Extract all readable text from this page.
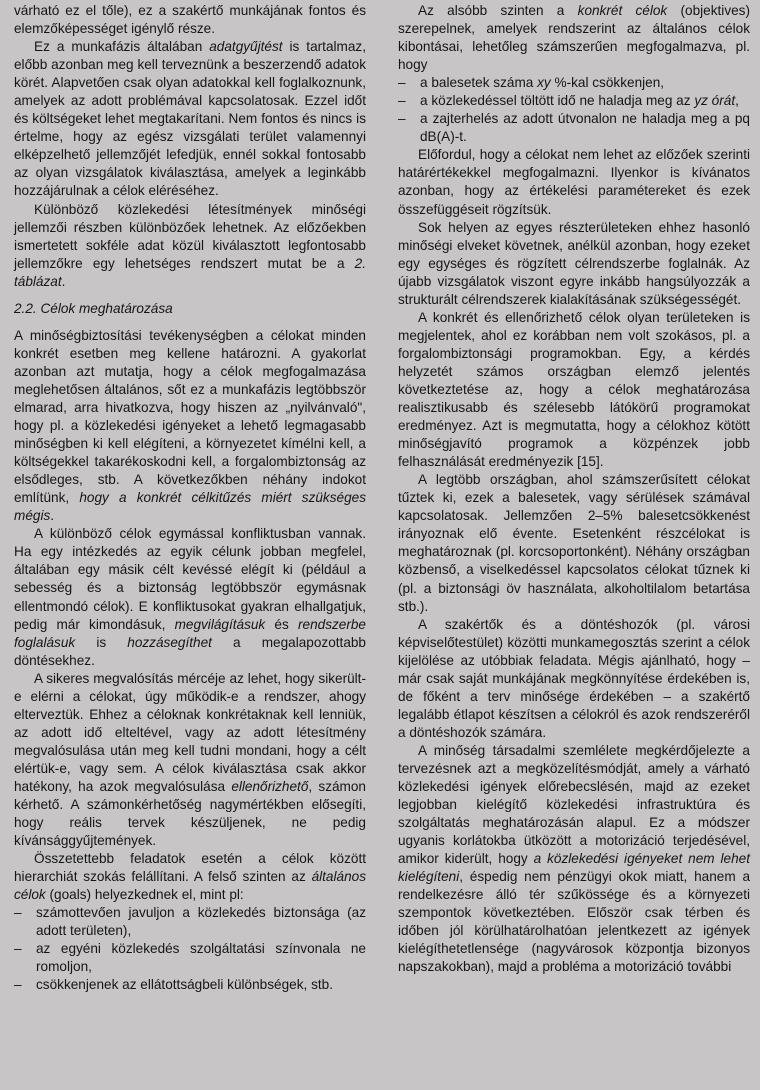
várható ez el tőle), ez a szakértő munkájának fontos és elemzőképességet igénylő része.

Ez a munkafázis általában adatgyűjtést is tartalmaz, előbb azonban meg kell terveznünk a beszerzendő adatok körét. Alapvetően csak olyan adatokkal kell foglalkoznunk, amelyek az adott problémával kapcsolatosak. Ezzel időt és költségeket lehet megtakarítani. Nem fontos és nincs is értelme, hogy az egész vizsgálati terület valamennyi elképzelhető jellemzőjét lefedjük, ennél sokkal fontosabb az olyan vizsgálatok kiválasztása, amelyek a leginkább hozzájárulnak a célok eléréséhez.

Különböző közlekedési létesítmények minőségi jellemzői részben különbözőek lehetnek. Az előzőekben ismertetett sokféle adat közül kiválasztott legfontosabb jellemzőkre egy lehetséges rendszert mutat be a 2. táblázat.

2.2. Célok meghatározása

A minőségbiztosítási tevékenységben a célokat minden konkrét esetben meg kellene határozni. A gyakorlat azonban azt mutatja, hogy a célok megfogalmazása meglehetősen általános, sőt ez a munkafázis legtöbbször elmarad, arra hivatkozva, hogy hiszen az „nyilvánvaló", hogy pl. a közlekedési igényeket a lehető legmagasabb minőségben ki kell elégíteni, a környezetet kímélni kell, a költségekkel takarékoskodni kell, a forgalombiztonság az elsődleges, stb. A következőkben néhány indokot említünk, hogy a konkrét célkitűzés miért szükséges mégis.

A különböző célok egymással konfliktusban vannak. Ha egy intézkedés az egyik célunk jobban megfelel, általában egy másik célt kevéssé elégít ki (például a sebesség és a biztonság legtöbbször egymásnak ellentmondó célok). E konfliktusokat gyakran elhallgatjuk, pedig már kimondásuk, megvilágításuk és rendszerbe foglalásuk is hozzásegíthet a megalapozottabb döntésekhez.

A sikeres megvalósítás mércéje az lehet, hogy sikerült-e elérni a célokat, úgy működik-e a rendszer, ahogy elterveztük. Ehhez a céloknak konkrétaknak kell lenniük, az adott idő elteltével, vagy az adott létesítmény megvalósulása után meg kell tudni mondani, hogy a célt elértük-e, vagy sem. A célok kiválasztása csak akkor hatékony, ha azok megvalósulása ellenőrizhető, számon kérhető. A számonkérhetőség nagymértékben elősegíti, hogy reális tervek készüljenek, ne pedig kívánsággyűjtemények.

Összetettebb feladatok esetén a célok között hierarchiát szokás felállítani. A felső szinten az általános célok (goals) helyezkednek el, mint pl:

– számottevően javuljon a közlekedés biztonsága (az adott területen),

– az egyéni közlekedés szolgáltatási színvonala ne romoljon,

– csökkenjenek az ellátottságbeli különbségek, stb.

Az alsóbb szinten a konkrét célok (objektives) szerepelnek, amelyek rendszerint az általános célok kibontásai, lehetőleg számszerűen megfogalmazva, pl. hogy

– a balesetek száma xy %-kal csökkenjen,

– a közlekedéssel töltött idő ne haladja meg az yz órát,

– a zajterhelés az adott útvonalon ne haladja meg a pq dB(A)-t.

Előfordul, hogy a célokat nem lehet az előzőek szerinti határértékekkel megfogalmazni. Ilyenkor is kívánatos azonban, hogy az értékelési paramétereket és ezek összefüggéseit rögzítsük.

Sok helyen az egyes részterületeken ehhez hasonló minőségi elveket követnek, anélkül azonban, hogy ezeket egy egységes és rögzített célrendszerbe foglalnák. Az újabb vizsgálatok viszont egyre inkább hangsúlyozzák a strukturált célrendszerek kialakításának szükségességét.

A konkrét és ellenőrizhető célok olyan területeken is megjelentek, ahol ez korábban nem volt szokásos, pl. a forgalombiztonsági programokban. Egy, a kérdés helyzetét számos országban elemző jelentés következtetése az, hogy a célok meghatározása realisztikusabb és szélesebb látókörű programokat eredményez. Azt is megmutatta, hogy a célokhoz kötött minőségjavító programok a közpénzek jobb felhasználását eredményezik [15].

A legtöbb országban, ahol számszerűsített célokat tűztek ki, ezek a balesetek, vagy sérülések számával kapcsolatosak. Jellemzően 2–5% balesetcsökkenést irányoznak elő évente. Esetenként részcélokat is meghatároznak (pl. korcsoportonként). Néhány országban közbenső, a viselkedéssel kapcsolatos célokat tűznek ki (pl. a biztonsági öv használata, alkoholtilalom betartása stb.).

A szakértők és a döntéshozók (pl. városi képviselőtestület) közötti munkamegosztás szerint a célok kijelölése az utóbbiak feladata. Mégis ajánlható, hogy – már csak saját munkájának megkönnyítése érdekében is, de főként a terv minősége érdekében – a szakértő legalább étlapot készítsen a célokról és azok rendszeréről a döntéshozók számára.

A minőség társadalmi szemlélete megkérdőjelezte a tervezésnek azt a megközelítésmódját, amely a várható közlekedési igények előrebecslésén, majd az ezeket legjobban kielégítő közlekedési infrastruktúra és szolgáltatás meghatározásán alapul. Ez a módszer ugyanis korlátokba ütközött a motorizáció terjedésével, amikor kiderült, hogy a közlekedési igényeket nem lehet kielégíteni, éspedig nem pénzügyi okok miatt, hanem a rendelkezésre álló tér szűkössége és a környezeti szempontok következtében. Először csak térben és időben jól körülhatárolhatóan jelentkezett az igények kielégíthetetlensége (nagyvárosok központja bizonyos napszakokban), majd a probléma a motorizáció további
